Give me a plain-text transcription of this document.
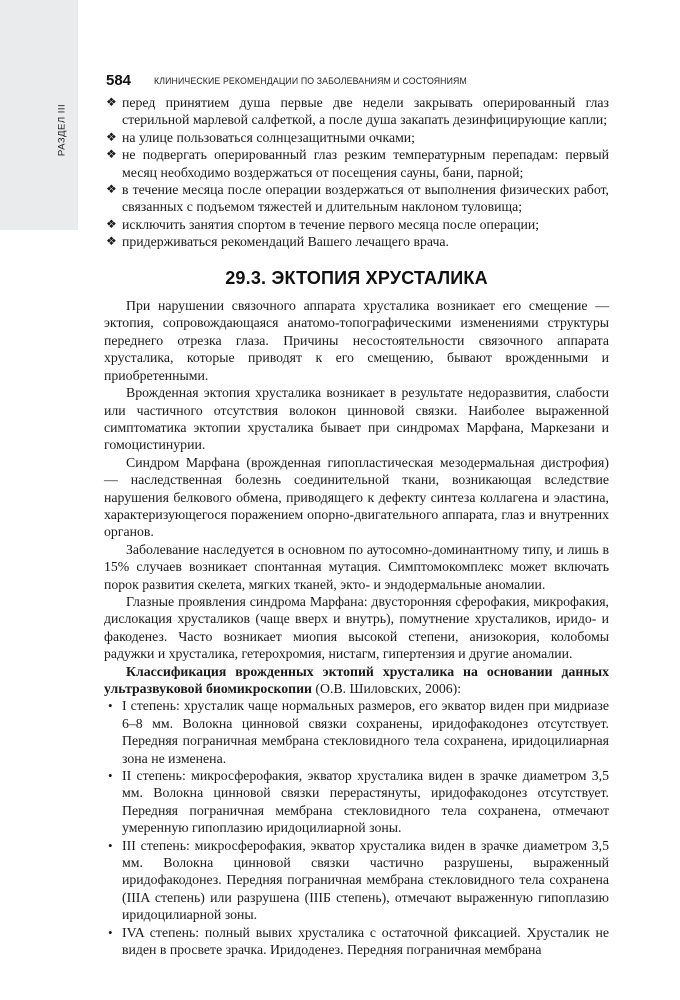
РАЗДЕЛ III
584 КЛИНИЧЕСКИЕ РЕКОМЕНДАЦИИ ПО ЗАБОЛЕВАНИЯМ И СОСТОЯНИЯМ
❖ перед принятием душа первые две недели закрывать оперированный глаз стерильной марлевой салфеткой, а после душа закапать дезинфицирующие капли;
❖ на улице пользоваться солнцезащитными очками;
❖ не подвергать оперированный глаз резким температурным перепадам: первый месяц необходимо воздержаться от посещения сауны, бани, парной;
❖ в течение месяца после операции воздержаться от выполнения физических работ, связанных с подъемом тяжестей и длительным наклоном туловища;
❖ исключить занятия спортом в течение первого месяца после операции;
❖ придерживаться рекомендаций Вашего лечащего врача.
29.3. ЭКТОПИЯ ХРУСТАЛИКА

При нарушении связочного аппарата хрусталика возникает его смещение — эктопия, сопровождающаяся анатомо-топографическими изменениями структуры переднего отрезка глаза. Причины несостоятельности связочного аппарата хрусталика, которые приводят к его смещению, бывают врожденными и приобретенными.

Врожденная эктопия хрусталика возникает в результате недоразвития, слабости или частичного отсутствия волокон цинновой связки. Наиболее выраженной симптоматика эктопии хрусталика бывает при синдромах Марфана, Маркезани и гомоцистинурии.

Синдром Марфана (врожденная гипопластическая мезодермальная дистрофия) — наследственная болезнь соединительной ткани, возникающая вследствие нарушения белкового обмена, приводящего к дефекту синтеза коллагена и эластина, характеризующегося поражением опорно-двигательного аппарата, глаз и внутренних органов.

Заболевание наследуется в основном по аутосомно-доминантному типу, и лишь в 15% случаев возникает спонтанная мутация. Симптомокомплекс может включать порок развития скелета, мягких тканей, экто- и эндодермальные аномалии.

Глазные проявления синдрома Марфана: двусторонняя сферофакия, микрофакия, дислокация хрусталиков (чаще вверх и внутрь), помутнение хрусталиков, иридо- и факоденез. Часто возникает миопия высокой степени, анизокория, колобомы радужки и хрусталика, гетерохромия, нистагм, гипертензия и другие аномалии.

Классификация врожденных эктопий хрусталика на основании данных ультразвуковой биомикроскопии (О.В. Шиловских, 2006):

• I степень: хрусталик чаще нормальных размеров, его экватор виден при мидриазе 6–8 мм. Волокна цинновой связки сохранены, иридофакодонез отсутствует. Передняя пограничная мембрана стекловидного тела сохранена, иридоцилиарная зона не изменена.
• II степень: микросферофакия, экватор хрусталика виден в зрачке диаметром 3,5 мм. Волокна цинновой связки перерастянуты, иридофакодонез отсутствует. Передняя пограничная мембрана стекловидного тела сохранена, отмечают умеренную гипоплазию иридоцилиарной зоны.
• III степень: микросферофакия, экватор хрусталика виден в зрачке диаметром 3,5 мм. Волокна цинновой связки частично разрушены, выраженный иридофакодонез. Передняя пограничная мембрана стекловидного тела сохранена (IIIA степень) или разрушена (IIIБ степень), отмечают выраженную гипоплазию иридоцилиарной зоны.
• IVA степень: полный вывих хрусталика с остаточной фиксацией. Хрусталик не виден в просвете зрачка. Иридоденез. Передняя пограничная мембрана
